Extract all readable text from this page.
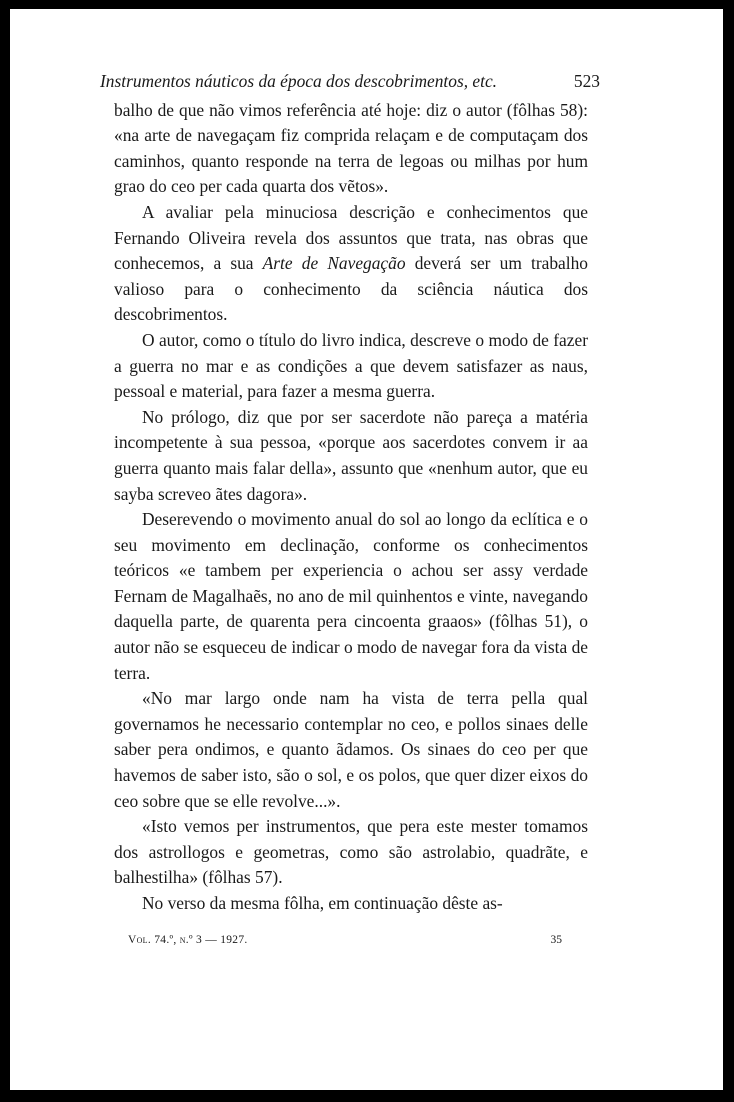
Instrumentos náuticos da época dos descobrimentos, etc.	523

balho de que não vimos referência até hoje: diz o autor (fôlhas 58): «na arte de navegaçam fiz comprida relaçam e de computaçam dos caminhos, quanto responde na terra de legoas ou milhas por hum grao do ceo per cada quarta dos vẽtos».

A avaliar pela minuciosa descrição e conhecimentos que Fernando Oliveira revela dos assuntos que trata, nas obras que conhecemos, a sua Arte de Navegação deverá ser um trabalho valioso para o conhecimento da sciência náutica dos descobrimentos.

O autor, como o título do livro indica, descreve o modo de fazer a guerra no mar e as condições a que devem satisfazer as naus, pessoal e material, para fazer a mesma guerra.

No prólogo, diz que por ser sacerdote não pareça a matéria incompetente à sua pessoa, «porque aos sacerdotes convem ir aa guerra quanto mais falar della», assunto que «nenhum autor, que eu sayba screveo ãtes dagora».

Deserevendo o movimento anual do sol ao longo da eclítica e o seu movimento em declinação, conforme os conhecimentos teóricos «e tambem per experiencia o achou ser assy verdade Fernam de Magalhaẽs, no ano de mil quinhentos e vinte, navegando daquella parte, de quarenta pera cincoenta graaos» (fôlhas 51), o autor não se esqueceu de indicar o modo de navegar fora da vista de terra.

«No mar largo onde nam ha vista de terra pella qual governamos he necessario contemplar no ceo, e pollos sinaes delle saber pera ondimos, e quanto ãdamos. Os sinaes do ceo per que havemos de saber isto, são o sol, e os polos, que quer dizer eixos do ceo sobre que se elle revolve...».

«Isto vemos per instrumentos, que pera este mester tomamos dos astrollogos e geometras, como são astrolabio, quadrãte, e balhestilha» (fôlhas 57).

No verso da mesma fôlha, em continuação dêste as-

Vol. 74.º, n.º 3 — 1927.	35
